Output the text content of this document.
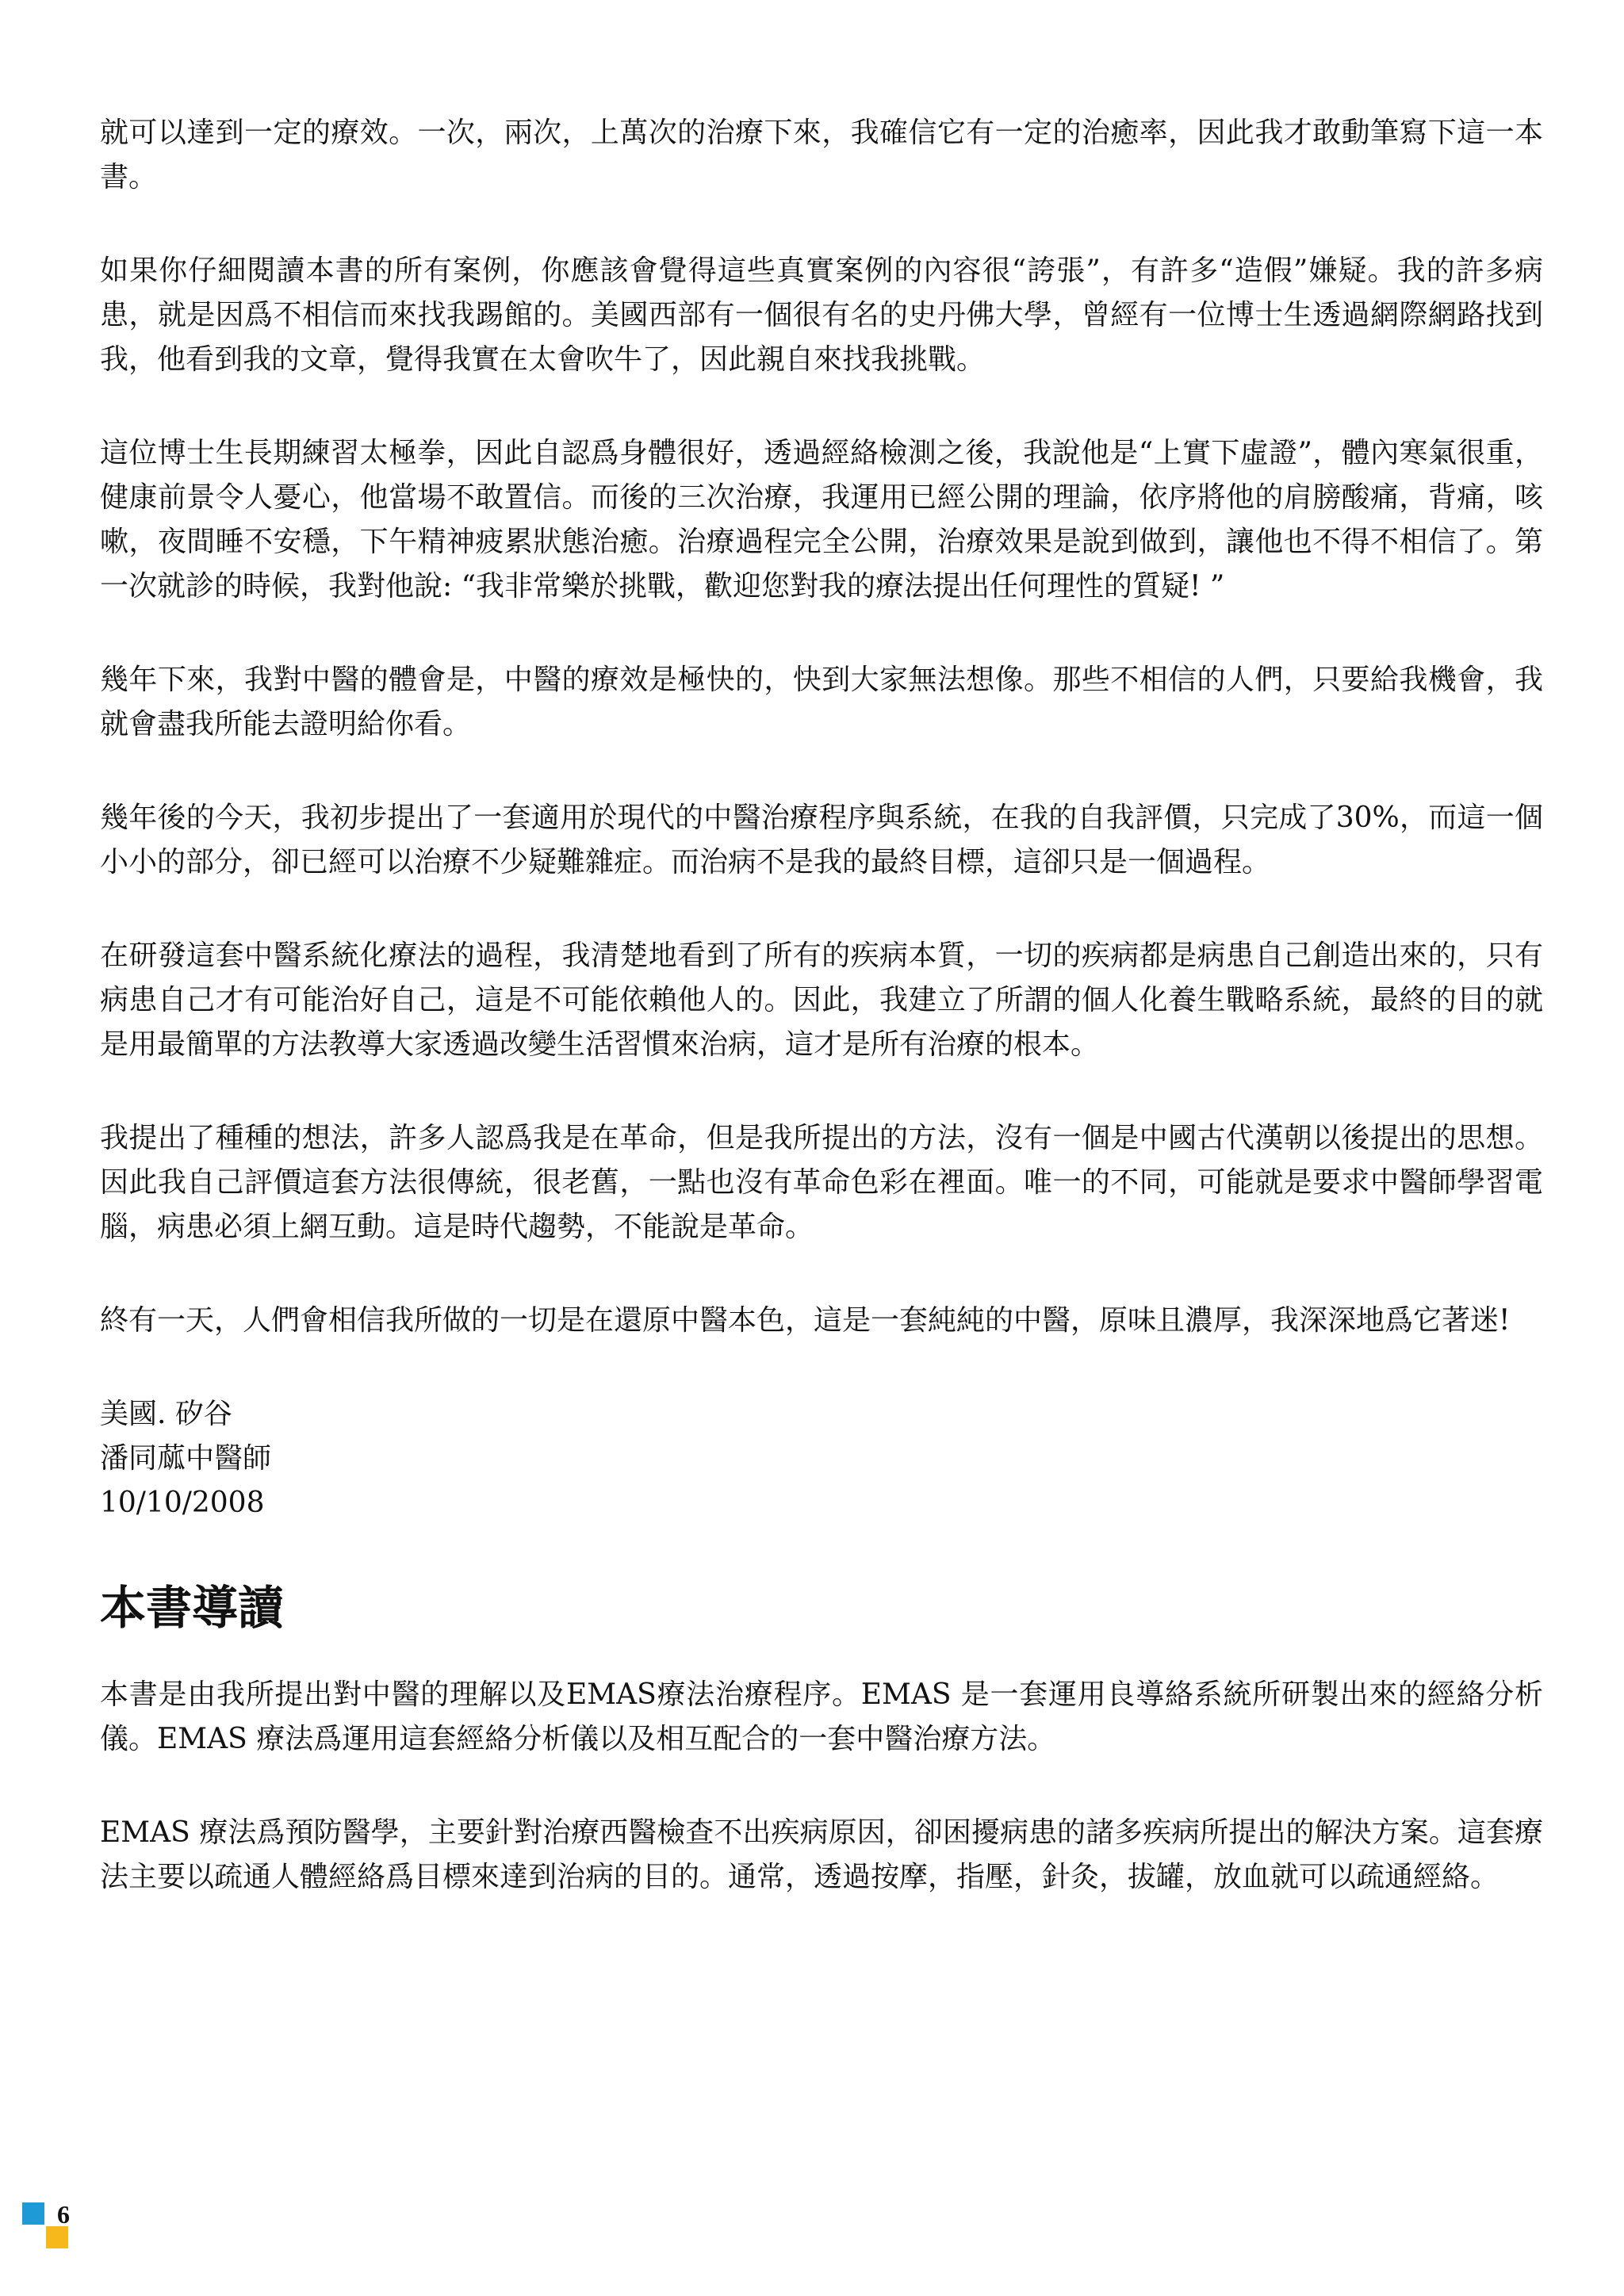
就可以達到一定的療效。一次，兩次，上萬次的治療下來，我確信它有一定的治癒率，因此我才敢動筆寫下這一本書。

如果你仔細閱讀本書的所有案例，你應該會覺得這些真實案例的內容很“誇張”，有許多“造假”嫌疑。我的許多病患，就是因爲不相信而來找我踢館的。美國西部有一個很有名的史丹佛大學，曾經有一位博士生透過網際網路找到我，他看到我的文章，覺得我實在太會吹牛了，因此親自來找我挑戰。

這位博士生長期練習太極拳，因此自認爲身體很好，透過經絡檢測之後，我說他是“上實下虛證”，體內寒氣很重，健康前景令人憂心，他當場不敢置信。而後的三次治療，我運用已經公開的理論，依序將他的肩膀酸痛，背痛，咳嗽，夜間睡不安穩，下午精神疲累狀態治癒。治療過程完全公開，治療效果是說到做到，讓他也不得不相信了。第一次就診的時候，我對他說: “我非常樂於挑戰，歡迎您對我的療法提出任何理性的質疑! ”

幾年下來，我對中醫的體會是，中醫的療效是極快的，快到大家無法想像。那些不相信的人們，只要給我機會，我就會盡我所能去證明給你看。

幾年後的今天，我初步提出了一套適用於現代的中醫治療程序與系統，在我的自我評價，只完成了30%，而這一個小小的部分，卻已經可以治療不少疑難雜症。而治病不是我的最終目標，這卻只是一個過程。

在研發這套中醫系統化療法的過程，我清楚地看到了所有的疾病本質，一切的疾病都是病患自己創造出來的，只有病患自己才有可能治好自己，這是不可能依賴他人的。因此，我建立了所謂的個人化養生戰略系統，最終的目的就是用最簡單的方法教導大家透過改變生活習慣來治病，這才是所有治療的根本。

我提出了種種的想法，許多人認爲我是在革命，但是我所提出的方法，沒有一個是中國古代漢朝以後提出的思想。因此我自己評價這套方法很傳統，很老舊，一點也沒有革命色彩在裡面。唯一的不同，可能就是要求中醫師學習電腦，病患必須上網互動。這是時代趨勢，不能說是革命。

終有一天，人們會相信我所做的一切是在還原中醫本色，這是一套純純的中醫，原味且濃厚，我深深地爲它著迷!

美國. 矽谷
潘同蓏中醫師
10/10/2008
本書導讀

本書是由我所提出對中醫的理解以及EMAS療法治療程序。EMAS 是一套運用良導絡系統所研製出來的經絡分析儀。EMAS 療法爲運用這套經絡分析儀以及相互配合的一套中醫治療方法。

EMAS 療法爲預防醫學，主要針對治療西醫檢查不出疾病原因，卻困擾病患的諸多疾病所提出的解決方案。這套療法主要以疏通人體經絡爲目標來達到治病的目的。通常，透過按摩，指壓，針灸，拔罐，放血就可以疏通經絡。

6
